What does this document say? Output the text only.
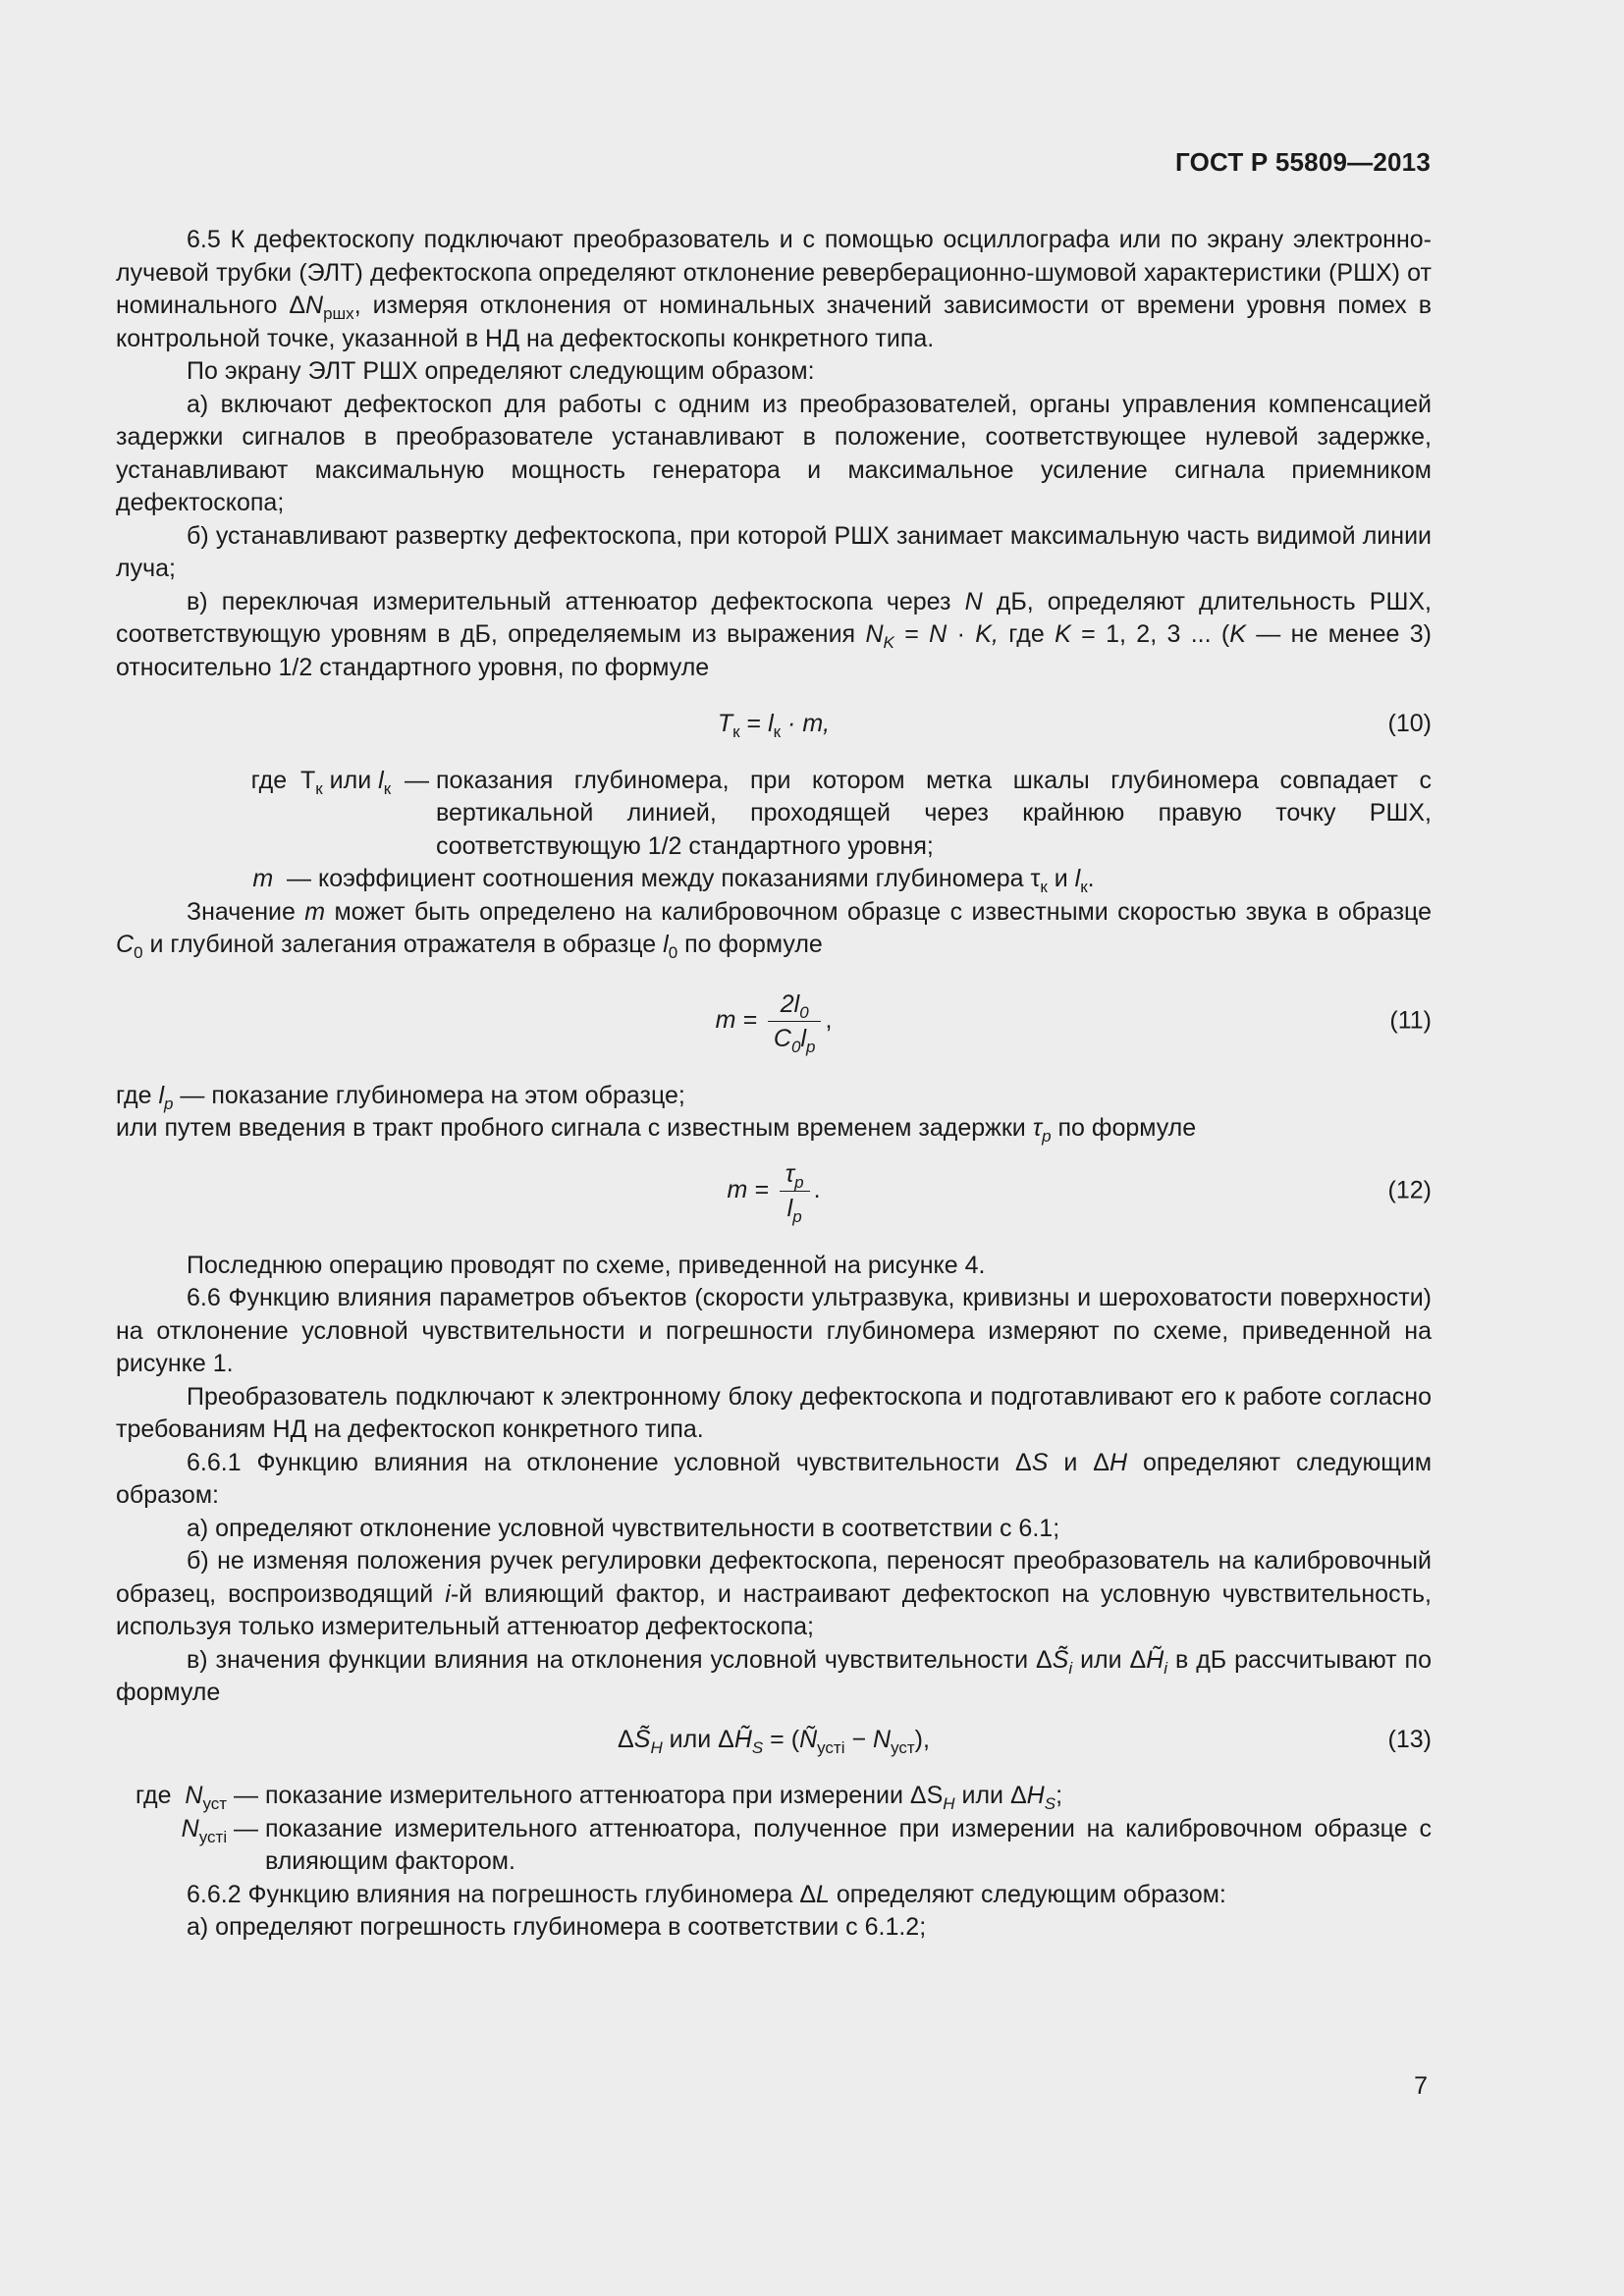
ГОСТ Р 55809—2013

6.5 К дефектоскопу подключают преобразователь и с помощью осциллографа или по экрану электронно-лучевой трубки (ЭЛТ) дефектоскопа определяют отклонение реверберационно-шумовой характеристики (РШХ) от номинального $\Delta N_{ршх}$, измеряя отклонения от номинальных значений зависимости от времени уровня помех в контрольной точке, указанной в НД на дефектоскопы конкретного типа.

По экрану ЭЛТ РШХ определяют следующим образом:

а) включают дефектоскоп для работы с одним из преобразователей, органы управления компенсацией задержки сигналов в преобразователе устанавливают в положение, соответствующее нулевой задержке, устанавливают максимальную мощность генератора и максимальное усиление сигнала приемником дефектоскопа;

б) устанавливают развертку дефектоскопа, при которой РШХ занимает максимальную часть видимой линии луча;

в) переключая измерительный аттенюатор дефектоскопа через N дБ, определяют длительность РШХ, соответствующую уровням в дБ, определяемым из выражения $N_K = N \cdot K$, где K = 1, 2, 3 ... (K — не менее 3) относительно 1/2 стандартного уровня, по формуле

$T_к = l_к \cdot m$,	(10)
где  $T_к$ или $l_к$  — показания глубиномера, при котором метка шкалы глубиномера совпадает с вертикальной линией, проходящей через крайнюю правую точку РШХ, соответствующую 1/2 стандартного уровня;
m  — коэффициент соотношения между показаниями глубиномера $\tau_к$ и $l_к$.

Значение m может быть определено на калибровочном образце с известными скоростью звука в образце $C_0$ и глубиной залегания отражателя в образце $l_0$ по формуле

$m = \frac{2l_0}{C_0l_p}$ ,	(11)

где $l_p$ — показание глубиномера на этом образце;

или путем введения в тракт пробного сигнала с известным временем задержки $\tau_p$ по формуле

$m = \frac{\tau_p}{l_p}$ .	(12)

Последнюю операцию проводят по схеме, приведенной на рисунке 4.

6.6 Функцию влияния параметров объектов (скорости ультразвука, кривизны и шероховатости поверхности) на отклонение условной чувствительности и погрешности глубиномера измеряют по схеме, приведенной на рисунке 1.

Преобразователь подключают к электронному блоку дефектоскопа и подготавливают его к работе согласно требованиям НД на дефектоскоп конкретного типа.

6.6.1 Функцию влияния на отклонение условной чувствительности ΔS и ΔH определяют следующим образом:

а) определяют отклонение условной чувствительности в соответствии с 6.1;

б) не изменяя положения ручек регулировки дефектоскопа, переносят преобразователь на калибровочный образец, воспроизводящий i-й влияющий фактор, и настраивают дефектоскоп на условную чувствительность, используя только измерительный аттенюатор дефектоскопа;

в) значения функции влияния на отклонения условной чувствительности $\Delta S̃_i$ или $\Delta H̃_i$ в дБ рассчитывают по формуле

$\Delta S̃_H$ или $\Delta H̃_S$ = $(Ñ_{устi} - N_{уст})$,	(13)
где  $N_{уст}$ — показание измерительного аттенюатора при измерении $\Delta S_H$ или $\Delta H_S$;
$N_{устi}$ — показание измерительного аттенюатора, полученное при измерении на калибровочном образце с влияющим фактором.

6.6.2 Функцию влияния на погрешность глубиномера ΔL определяют следующим образом:

а) определяют погрешность глубиномера в соответствии с 6.1.2;

7
